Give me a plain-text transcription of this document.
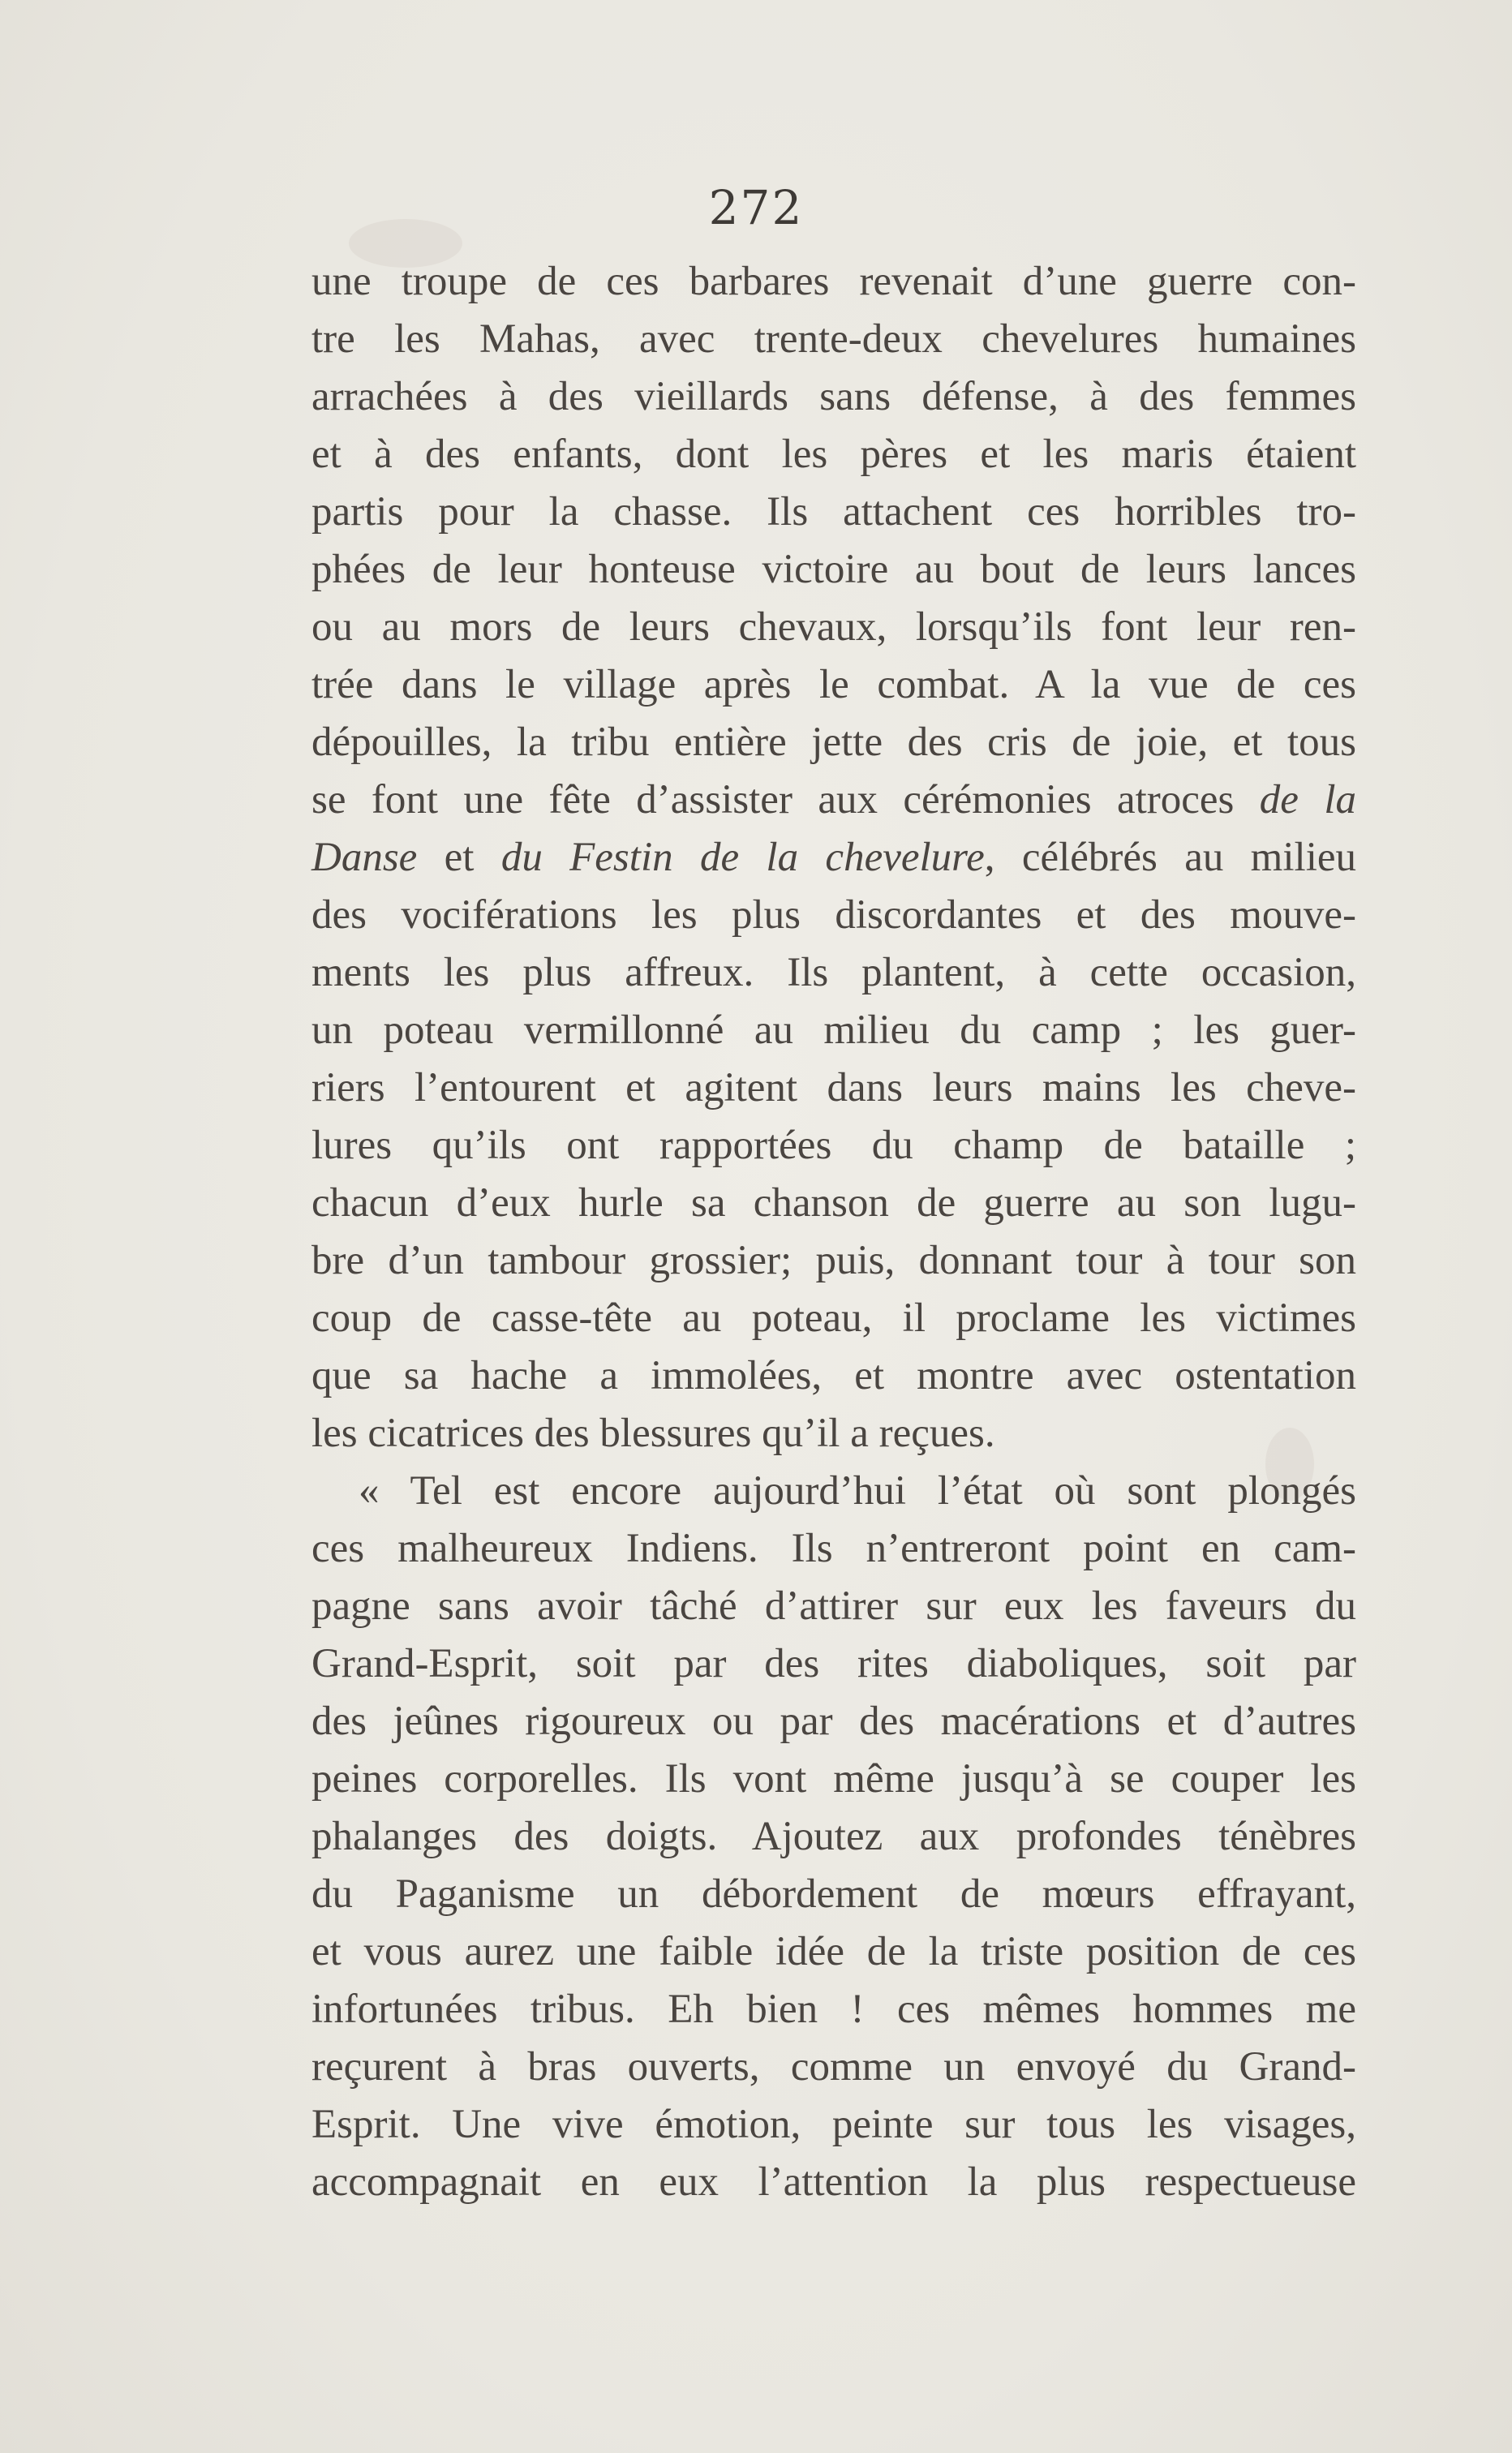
272
une troupe de ces barbares revenait d’une guerre con-
tre les Mahas, avec trente-deux chevelures humaines
arrachées à des vieillards sans défense, à des femmes
et à des enfants, dont les pères et les maris étaient
partis pour la chasse. Ils attachent ces horribles tro-
phées de leur honteuse victoire au bout de leurs lances
ou au mors de leurs chevaux, lorsqu’ils font leur ren-
trée dans le village après le combat. A la vue de ces
dépouilles, la tribu entière jette des cris de joie, et tous
se font une fête d’assister aux cérémonies atroces de la
Danse et du Festin de la chevelure, célébrés au milieu
des vociférations les plus discordantes et des mouve-
ments les plus affreux. Ils plantent, à cette occasion,
un poteau vermillonné au milieu du camp ; les guer-
riers l’entourent et agitent dans leurs mains les cheve-
lures qu’ils ont rapportées du champ de bataille ;
chacun d’eux hurle sa chanson de guerre au son lugu-
bre d’un tambour grossier; puis, donnant tour à tour son
coup de casse-tête au poteau, il proclame les victimes
que sa hache a immolées, et montre avec ostentation
les cicatrices des blessures qu’il a reçues.
« Tel est encore aujourd’hui l’état où sont plongés
ces malheureux Indiens. Ils n’entreront point en cam-
pagne sans avoir tâché d’attirer sur eux les faveurs du
Grand-Esprit, soit par des rites diaboliques, soit par
des jeûnes rigoureux ou par des macérations et d’autres
peines corporelles. Ils vont même jusqu’à se couper les
phalanges des doigts. Ajoutez aux profondes ténèbres
du Paganisme un débordement de mœurs effrayant,
et vous aurez une faible idée de la triste position de ces
infortunées tribus. Eh bien ! ces mêmes hommes me
reçurent à bras ouverts, comme un envoyé du Grand-
Esprit. Une vive émotion, peinte sur tous les visages,
accompagnait en eux l’attention la plus respectueuse
